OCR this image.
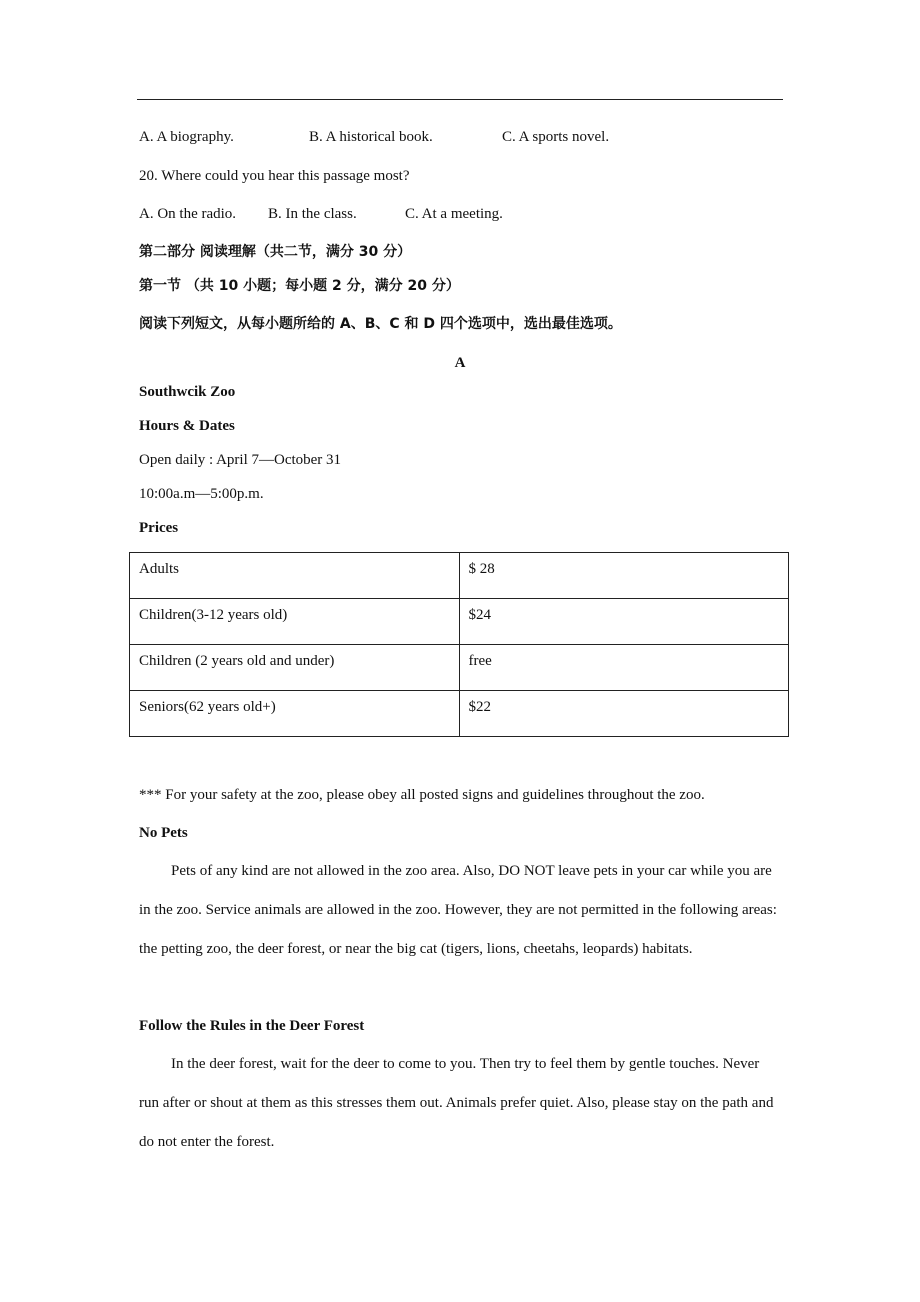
A. A biography.	B. A historical book.	C. A sports novel.
20. Where could you hear this passage most?
A. On the radio. B. In the class.	C. At a meeting.
第二部分 阅读理解（共二节，满分 30 分）
第一节 （共 10 小题；每小题 2 分，满分 20 分）
阅读下列短文，从每小题所给的 A、B、C 和 D 四个选项中，选出最佳选项。
A
Southwcik Zoo
Hours & Dates
Open daily : April 7—October 31
10:00a.m—5:00p.m.
Prices
Adults	$ 28
Children(3-12 years old)	$24
Children (2 years old and under)	free
Seniors(62 years old+)	$22
*** For your safety at the zoo, please obey all posted signs and guidelines throughout the zoo.
No Pets
Pets of any kind are not allowed in the zoo area. Also, DO NOT leave pets in your car while you are in the zoo. Service animals are allowed in the zoo. However, they are not permitted in the following areas: the petting zoo, the deer forest, or near the big cat (tigers, lions, cheetahs, leopards) habitats.
Follow the Rules in the Deer Forest
In the deer forest, wait for the deer to come to you. Then try to feel them by gentle touches. Never run after or shout at them as this stresses them out. Animals prefer quiet. Also, please stay on the path and do not enter the forest.
